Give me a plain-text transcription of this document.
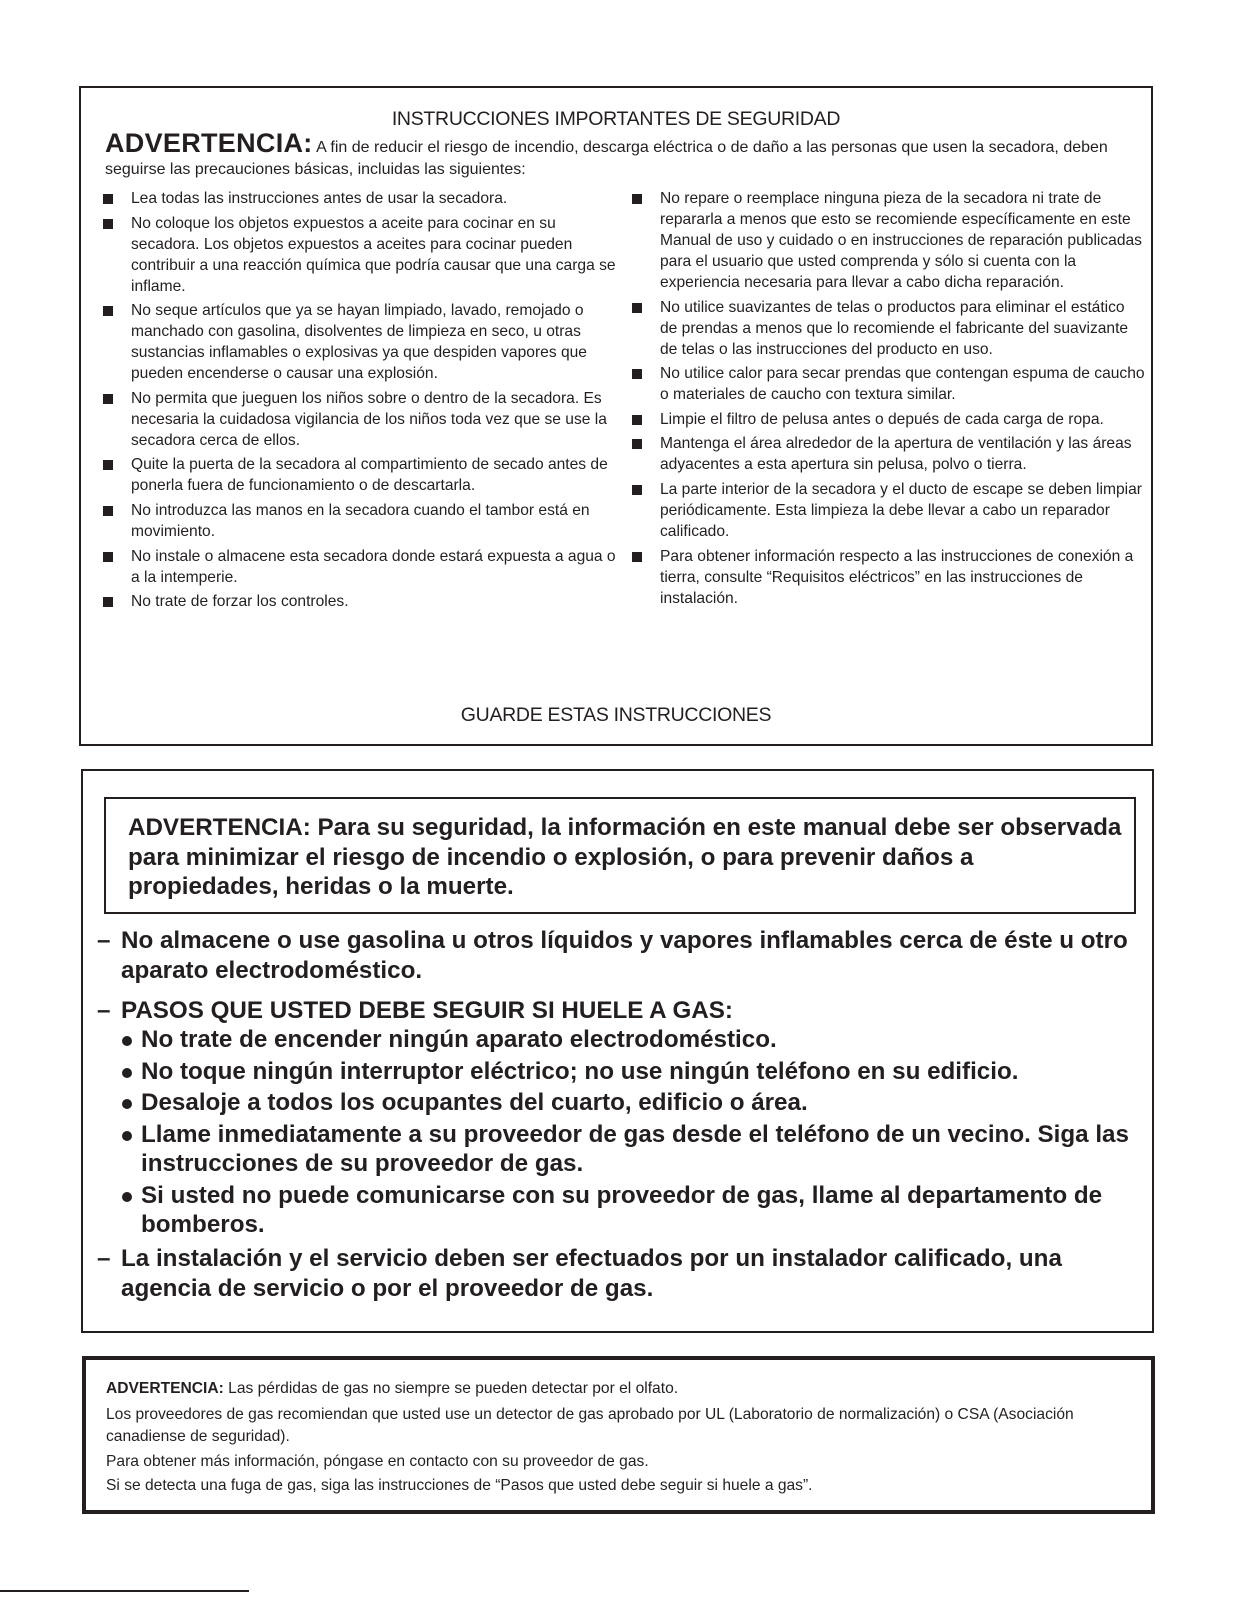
INSTRUCCIONES IMPORTANTES DE SEGURIDAD
ADVERTENCIA: A fin de reducir el riesgo de incendio, descarga eléctrica o de daño a las personas que usen la secadora, deben seguirse las precauciones básicas, incluidas las siguientes:
Lea todas las instrucciones antes de usar la secadora.
No coloque los objetos expuestos a aceite para cocinar en su secadora. Los objetos expuestos a aceites para cocinar pueden contribuir a una reacción química que podría causar que una carga se inflame.
No seque artículos que ya se hayan limpiado, lavado, remojado o manchado con gasolina, disolventes de limpieza en seco, u otras sustancias inflamables o explosivas ya que despiden vapores que pueden encenderse o causar una explosión.
No permita que jueguen los niños sobre o dentro de la secadora. Es necesaria la cuidadosa vigilancia de los niños toda vez que se use la secadora cerca de ellos.
Quite la puerta de la secadora al compartimiento de secado antes de ponerla fuera de funcionamiento o de descartarla.
No introduzca las manos en la secadora cuando el tambor está en movimiento.
No instale o almacene esta secadora donde estará expuesta a agua o a la intemperie.
No trate de forzar los controles.
No repare o reemplace ninguna pieza de la secadora ni trate de repararla a menos que esto se recomiende específicamente en este Manual de uso y cuidado o en instrucciones de reparación publicadas para el usuario que usted comprenda y sólo si cuenta con la experiencia necesaria para llevar a cabo dicha reparación.
No utilice suavizantes de telas o productos para eliminar el estático de prendas a menos que lo recomiende el fabricante del suavizante de telas o las instrucciones del producto en uso.
No utilice calor para secar prendas que contengan espuma de caucho o materiales de caucho con textura similar.
Limpie el filtro de pelusa antes o depués de cada carga de ropa.
Mantenga el área alrededor de la apertura de ventilación y las áreas adyacentes a esta apertura sin pelusa, polvo o tierra.
La parte interior de la secadora y el ducto de escape se deben limpiar periódicamente. Esta limpieza la debe llevar a cabo un reparador calificado.
Para obtener información respecto a las instrucciones de conexión a tierra, consulte “Requisitos eléctricos” en las instrucciones de instalación.
GUARDE ESTAS INSTRUCCIONES

ADVERTENCIA: Para su seguridad, la información en este manual debe ser observada para minimizar el riesgo de incendio o explosión, o para prevenir daños a propiedades, heridas o la muerte.

– No almacene o use gasolina u otros líquidos y vapores inflamables cerca de éste u otro aparato electrodoméstico.
– PASOS QUE USTED DEBE SEGUIR SI HUELE A GAS:
No trate de encender ningún aparato electrodoméstico.
No toque ningún interruptor eléctrico; no use ningún teléfono en su edificio.
Desaloje a todos los ocupantes del cuarto, edificio o área.
Llame inmediatamente a su proveedor de gas desde el teléfono de un vecino. Siga las instrucciones de su proveedor de gas.
Si usted no puede comunicarse con su proveedor de gas, llame al departamento de bomberos.
– La instalación y el servicio deben ser efectuados por un instalador calificado, una agencia de servicio o por el proveedor de gas.

ADVERTENCIA: Las pérdidas de gas no siempre se pueden detectar por el olfato.

Los proveedores de gas recomiendan que usted use un detector de gas aprobado por UL (Laboratorio de normalización) o CSA (Asociación canadiense de seguridad).

Para obtener más información, póngase en contacto con su proveedor de gas.

Si se detecta una fuga de gas, siga las instrucciones de “Pasos que usted debe seguir si huele a gas”.
